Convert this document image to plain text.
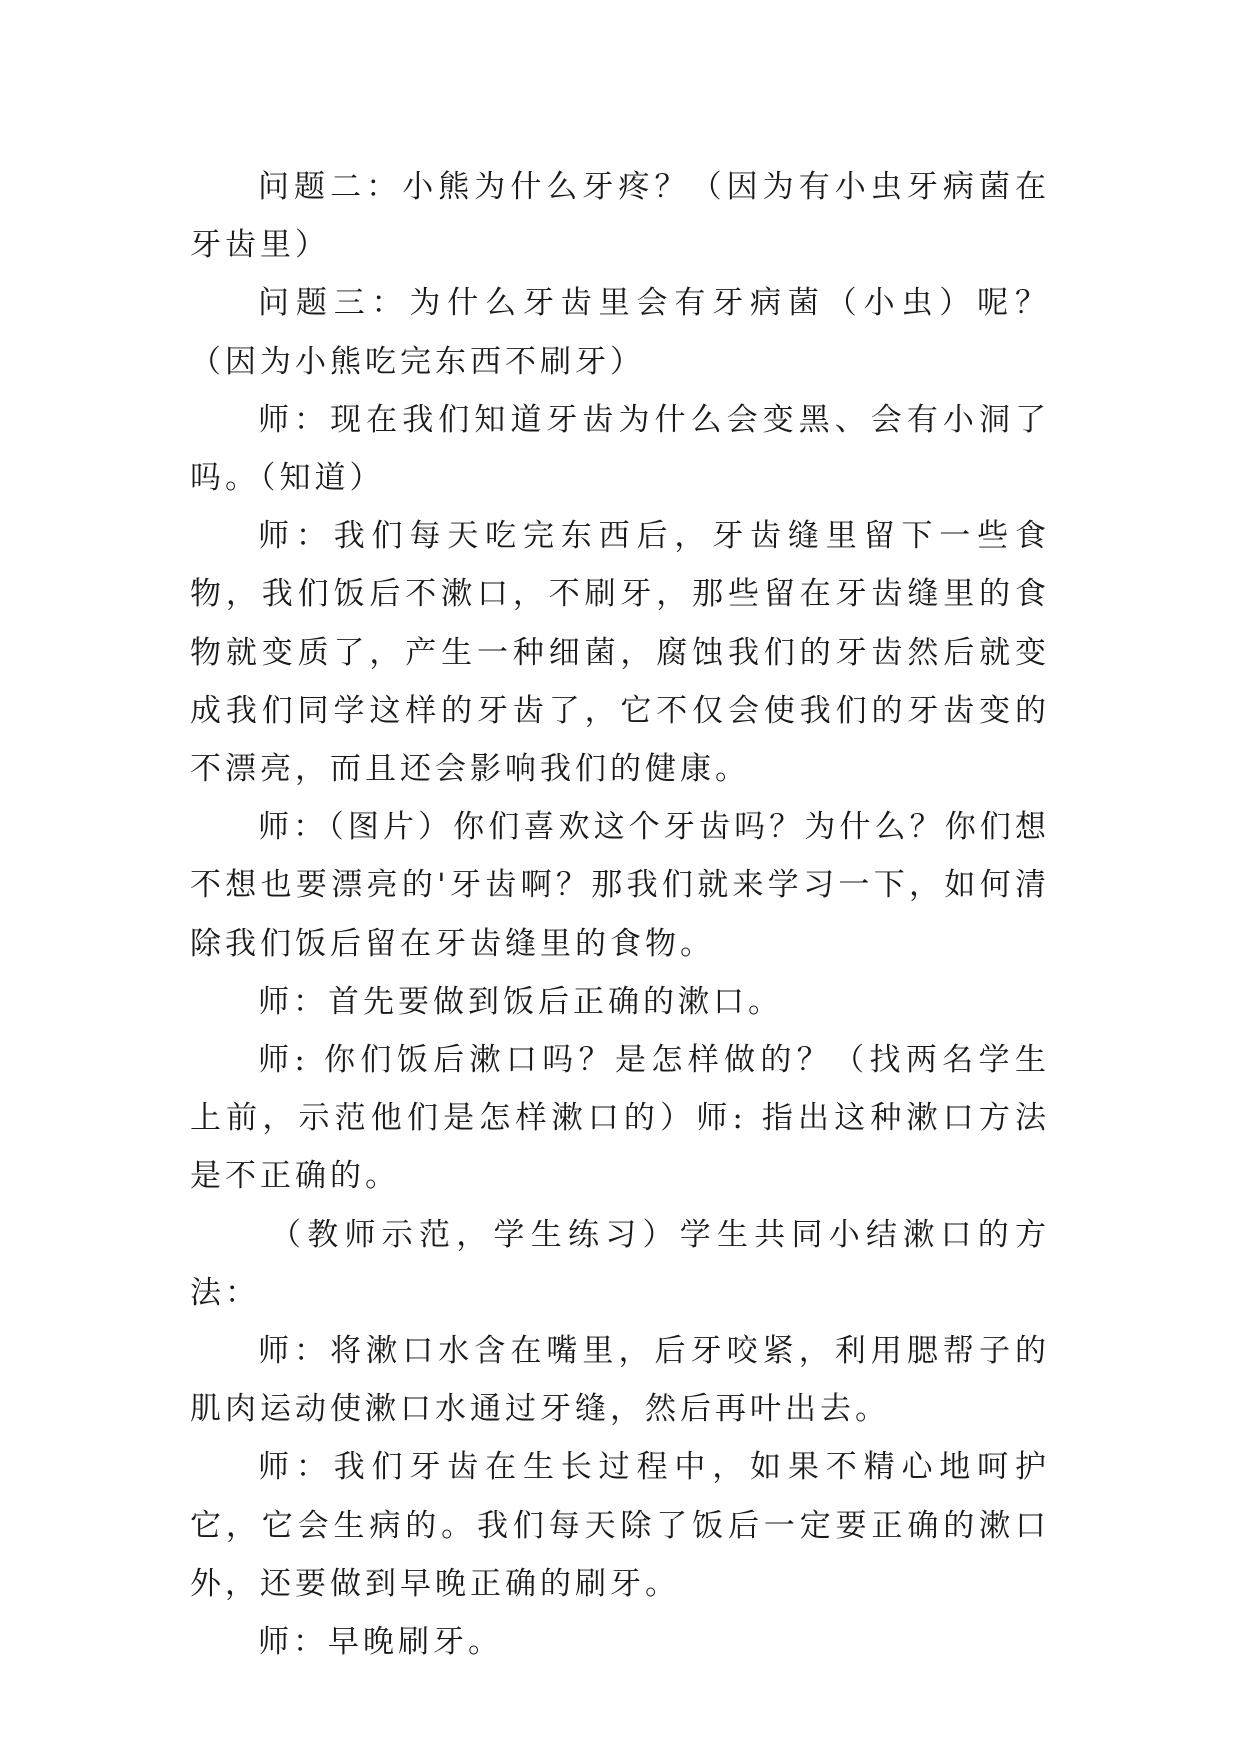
问题二：小熊为什么牙疼？（因为有小虫牙病菌在牙齿里）

问题三：为什么牙齿里会有牙病菌（小虫）呢？（因为小熊吃完东西不刷牙）

师：现在我们知道牙齿为什么会变黑、会有小洞了吗。（知道）

师：我们每天吃完东西后，牙齿缝里留下一些食物，我们饭后不漱口，不刷牙，那些留在牙齿缝里的食物就变质了，产生一种细菌，腐蚀我们的牙齿然后就变成我们同学这样的牙齿了，它不仅会使我们的牙齿变的不漂亮，而且还会影响我们的健康。

师：（图片）你们喜欢这个牙齿吗？为什么？你们想不想也要漂亮的'牙齿啊？那我们就来学习一下，如何清除我们饭后留在牙齿缝里的食物。

师：首先要做到饭后正确的漱口。

师: 你们饭后漱口吗？是怎样做的？（找两名学生上前，示范他们是怎样漱口的）师: 指出这种漱口方法是不正确的。

（教师示范，学生练习）学生共同小结漱口的方法：

师：将漱口水含在嘴里，后牙咬紧，利用腮帮子的肌肉运动使漱口水通过牙缝，然后再叶出去。

师：我们牙齿在生长过程中，如果不精心地呵护它，它会生病的。我们每天除了饭后一定要正确的漱口外，还要做到早晚正确的刷牙。

师：早晚刷牙。
